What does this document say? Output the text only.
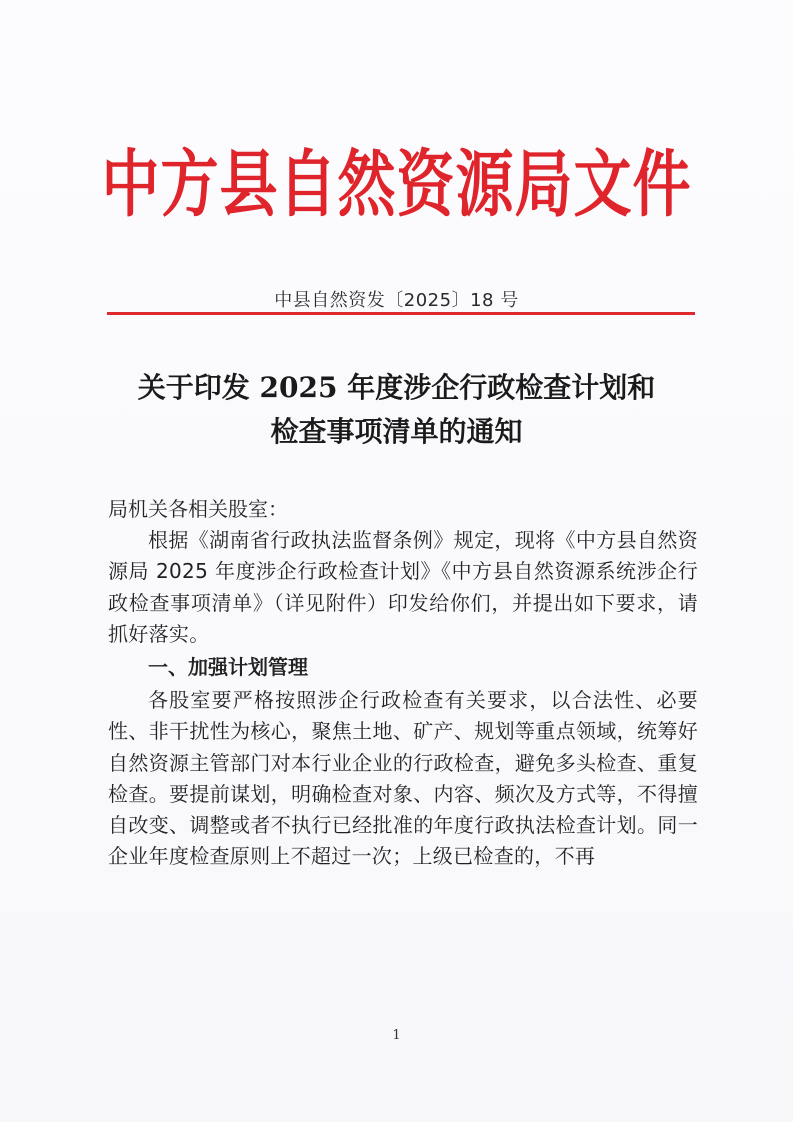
中方县自然资源局文件
中县自然资发〔2025〕18 号
关于印发 2025 年度涉企行政检查计划和
检查事项清单的通知

局机关各相关股室：

根据《湖南省行政执法监督条例》规定，现将《中方县自然资源局 2025 年度涉企行政检查计划》《中方县自然资源系统涉企行政检查事项清单》（详见附件）印发给你们，并提出如下要求，请抓好落实。

一、加强计划管理

各股室要严格按照涉企行政检查有关要求，以合法性、必要性、非干扰性为核心，聚焦土地、矿产、规划等重点领域，统筹好自然资源主管部门对本行业企业的行政检查，避免多头检查、重复检查。要提前谋划，明确检查对象、内容、频次及方式等，不得擅自改变、调整或者不执行已经批准的年度行政执法检查计划。同一企业年度检查原则上不超过一次；上级已检查的，不再

1
